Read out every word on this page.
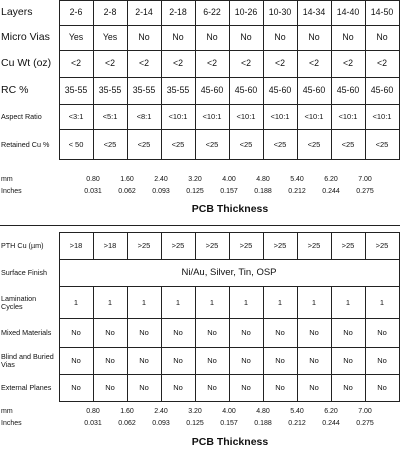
Layers	2-6	2-8	2-14	2-18	6-22	10-26	10-30	14-34	14-40	14-50
Micro Vias	Yes	Yes	No	No	No	No	No	No	No	No
Cu Wt (oz)	<2	<2	<2	<2	<2	<2	<2	<2	<2	<2
RC %	35-55	35-55	35-55	35-55	45-60	45-60	45-60	45-60	45-60	45-60
Aspect Ratio	<3:1	<5:1	<8:1	<10:1	<10:1	<10:1	<10:1	<10:1	<10:1	<10:1
Retained Cu %	< 50	<25	<25	<25	<25	<25	<25	<25	<25	<25
mm
Inches
0.80	1.60	2.40	3.20	4.00	4.80	5.40	6.20	7.00
0.031 0.062 0.093 0.125 0.157 0.188 0.212 0.244 0.275
PCB Thickness
PTH Cu (µm)	>18	>18	>25	>25	>25	>25	>25	>25	>25	>25
Surface Finish	Ni/Au, Silver, Tin, OSP									
Lamination Cycles	1	1	1	1	1	1	1	1	1	1
Mixed Materials	No	No	No	No	No	No	No	No	No	No
Blind and Buried Vias	No	No	No	No	No	No	No	No	No	No
External Planes	No	No	No	No	No	No	No	No	No	No
mm
Inches
0.80	1.60	2.40	3.20	4.00	4.80	5.40	6.20	7.00
0.031 0.062 0.093 0.125 0.157 0.188 0.212 0.244 0.275
PCB Thickness
